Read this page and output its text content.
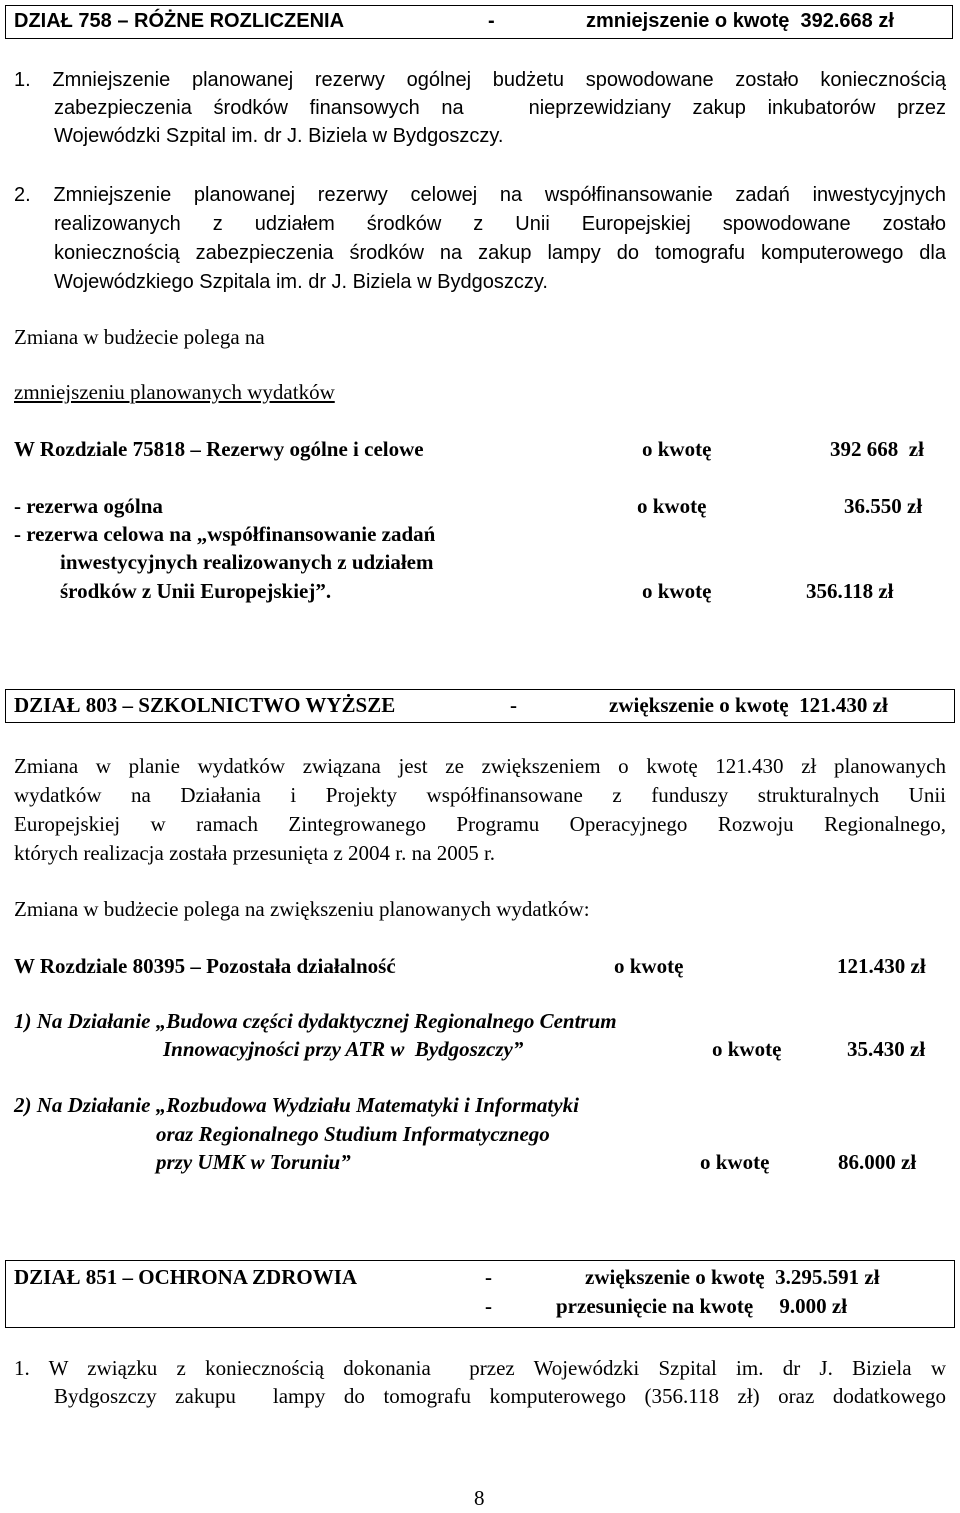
DZIAŁ 758 – RÓŻNE ROZLICZENIA	-	zmniejszenie o kwotę  392.668 zł
1. Zmniejszenie planowanej rezerwy ogólnej budżetu spowodowane zostało koniecznością
zabezpieczenia środków finansowych na   nieprzewidziany zakup inkubatorów przez
Wojewódzki Szpital im. dr J. Biziela w Bydgoszczy.
2. Zmniejszenie planowanej rezerwy celowej na współfinansowanie zadań inwestycyjnych
realizowanych z udziałem środków z Unii Europejskiej spowodowane zostało
koniecznością zabezpieczenia środków na zakup lampy do tomografu komputerowego dla
Wojewódzkiego Szpitala im. dr J. Biziela w Bydgoszczy.
Zmiana w budżecie polega na
zmniejszeniu planowanych wydatków
W Rozdziale 75818 – Rezerwy ogólne i celowe	o kwotę	392 668  zł
- rezerwa ogólna	o kwotę	36.550 zł
- rezerwa celowa na „współfinansowanie zadań
inwestycyjnych realizowanych z udziałem
środków z Unii Europejskiej”.	o kwotę	356.118 zł
DZIAŁ 803 – SZKOLNICTWO WYŻSZE	-	zwiększenie o kwotę  121.430 zł
Zmiana w planie wydatków związana jest ze zwiększeniem o kwotę 121.430 zł planowanych
wydatków na Działania i Projekty współfinansowane z funduszy strukturalnych Unii
Europejskiej w ramach Zintegrowanego Programu Operacyjnego Rozwoju Regionalnego,
których realizacja została przesunięta z 2004 r. na 2005 r.
Zmiana w budżecie polega na zwiększeniu planowanych wydatków:
W Rozdziale 80395 – Pozostała działalność	o kwotę	121.430 zł
1) Na Działanie „Budowa części dydaktycznej Regionalnego Centrum
Innowacyjności przy ATR w  Bydgoszczy”	o kwotę	35.430 zł
2) Na Działanie „Rozbudowa Wydziału Matematyki i Informatyki
oraz Regionalnego Studium Informatycznego
przy UMK w Toruniu”	o kwotę	86.000 zł
DZIAŁ 851 – OCHRONA ZDROWIA	-	zwiększenie o kwotę  3.295.591 zł
-	przesunięcie na kwotę     9.000 zł
1. W związku z koniecznością dokonania  przez Wojewódzki Szpital im. dr J. Biziela w
Bydgoszczy zakupu  lampy do tomografu komputerowego (356.118 zł) oraz dodatkowego
8
